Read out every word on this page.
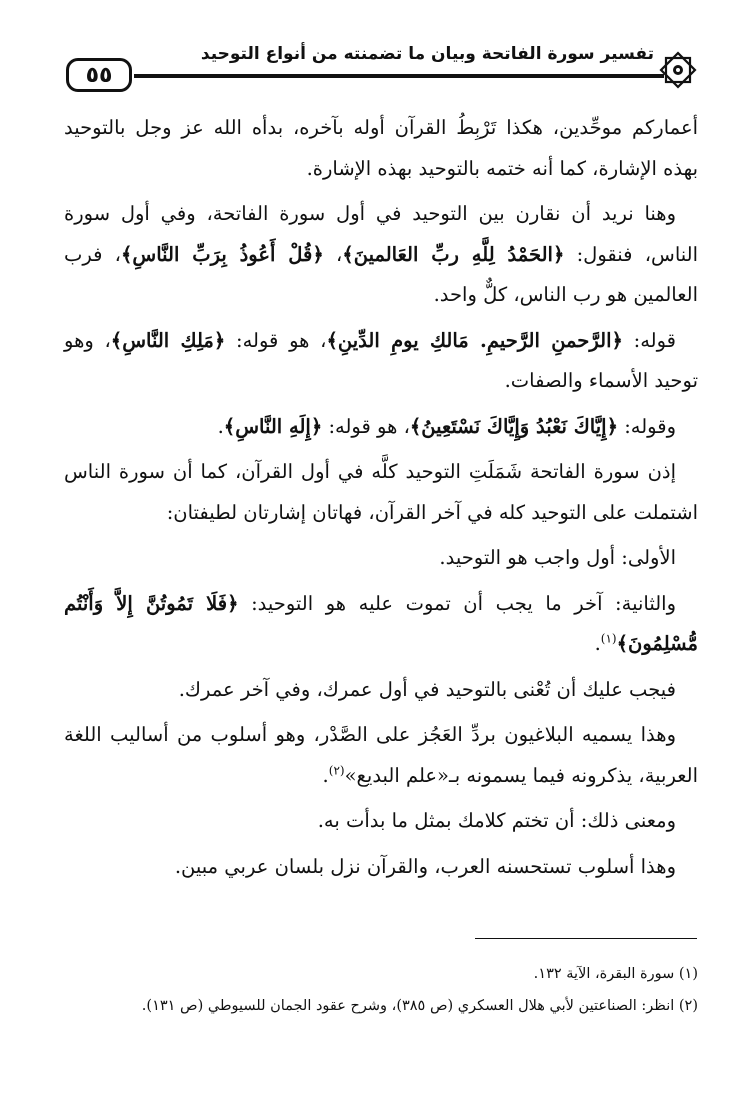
٥٥
تفسير سورة الفاتحة وبيان ما تضمنته من أنواع التوحيد

أعماركم موحِّدين، هكذا تَرْبِطُ القرآن أوله بآخره، بدأه الله عز وجل بالتوحيد بهذه الإشارة، كما أنه ختمه بالتوحيد بهذه الإشارة.

وهنا نريد أن نقارن بين التوحيد في أول سورة الفاتحة، وفي أول سورة الناس، فنقول: ﴿الحَمْدُ لِلَّهِ ربِّ العَالمينَ﴾، ﴿قُلْ أَعُوذُ بِرَبِّ النَّاسِ﴾، فرب العالمين هو رب الناس، كلٌّ واحد.

قوله: ﴿الرَّحمنِ الرَّحيمِ. مَالكِ يومِ الدِّينِ﴾، هو قوله: ﴿مَلِكِ النَّاسِ﴾، وهو توحيد الأسماء والصفات.

وقوله: ﴿إِيَّاكَ نَعْبُدُ وَإِيَّاكَ نَسْتَعِينُ﴾، هو قوله: ﴿إِلَهِ النَّاسِ﴾.

إذن سورة الفاتحة شَمَلَتِ التوحيد كلَّه في أول القرآن، كما أن سورة الناس اشتملت على التوحيد كله في آخر القرآن، فهاتان إشارتان لطيفتان:

الأولى: أول واجب هو التوحيد.

والثانية: آخر ما يجب أن تموت عليه هو التوحيد: ﴿فَلَا تَمُوتُنَّ إِلاَّ وَأَنْتُم مُّسْلِمُونَ﴾$^{(١)}$.

فيجب عليك أن تُعْنى بالتوحيد في أول عمرك، وفي آخر عمرك.

وهذا يسميه البلاغيون بردِّ العَجُز على الصَّدْر، وهو أسلوب من أساليب اللغة العربية، يذكرونه فيما يسمونه بـ«علم البديع»$^{(٢)}$.

ومعنى ذلك: أن تختم كلامك بمثل ما بدأت به.

وهذا أسلوب تستحسنه العرب، والقرآن نزل بلسان عربي مبين.

(١) سورة البقرة، الآية ١٣٢.
(٢) انظر: الصناعتين لأبي هلال العسكري (ص ٣٨٥)، وشرح عقود الجمان للسيوطي (ص ١٣١).
